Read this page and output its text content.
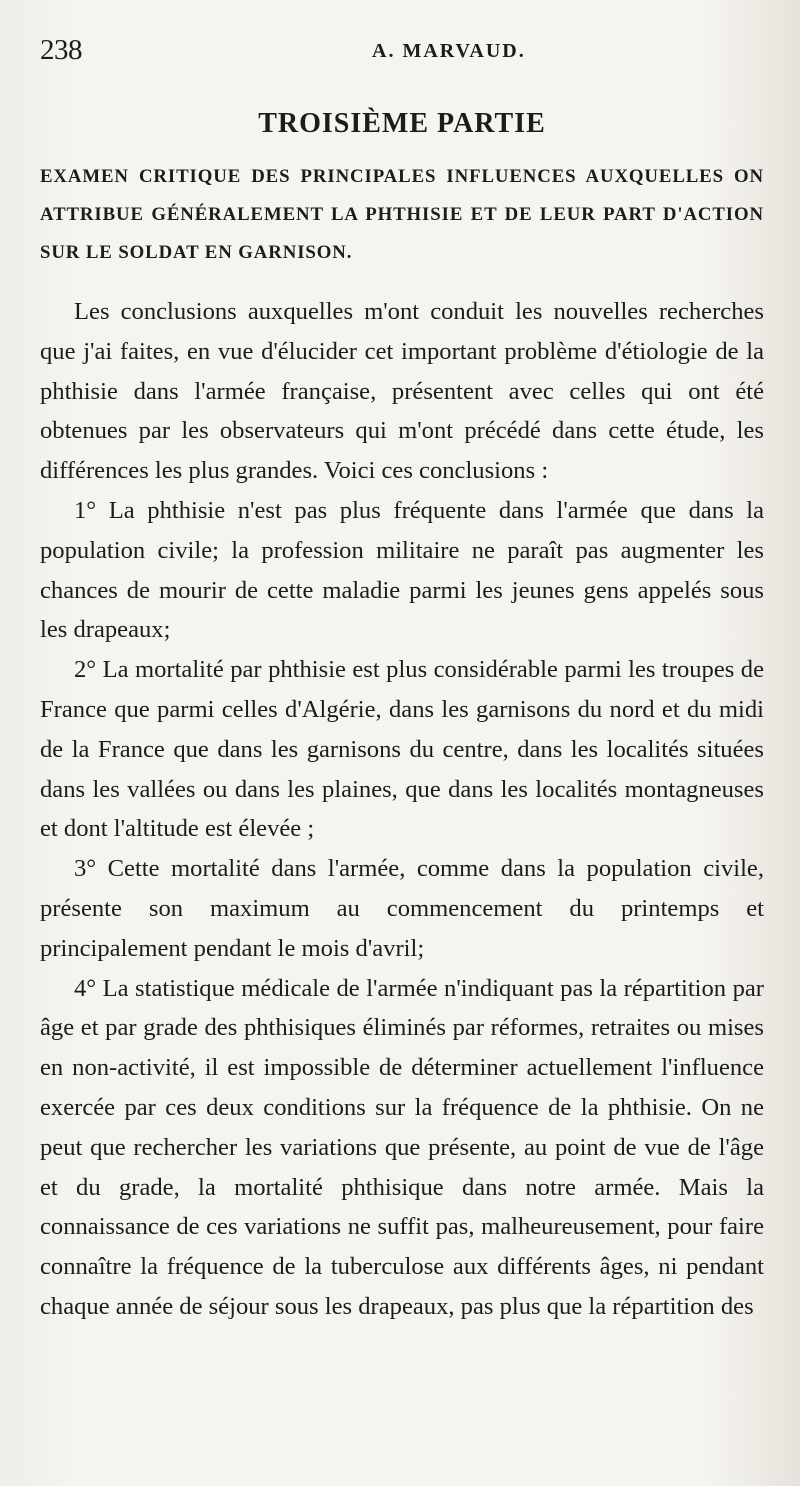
238	A. MARVAUD.
TROISIÈME PARTIE
EXAMEN CRITIQUE DES PRINCIPALES INFLUENCES AUXQUELLES ON ATTRIBUE GÉNÉRALEMENT LA PHTHISIE ET DE LEUR PART D'ACTION SUR LE SOLDAT EN GARNISON.

Les conclusions auxquelles m'ont conduit les nouvelles recherches que j'ai faites, en vue d'élucider cet important problème d'étiologie de la phthisie dans l'armée française, présentent avec celles qui ont été obtenues par les observateurs qui m'ont précédé dans cette étude, les différences les plus grandes. Voici ces conclusions :

1° La phthisie n'est pas plus fréquente dans l'armée que dans la population civile; la profession militaire ne paraît pas augmenter les chances de mourir de cette maladie parmi les jeunes gens appelés sous les drapeaux;

2° La mortalité par phthisie est plus considérable parmi les troupes de France que parmi celles d'Algérie, dans les garnisons du nord et du midi de la France que dans les garnisons du centre, dans les localités situées dans les vallées ou dans les plaines, que dans les localités montagneuses et dont l'altitude est élevée ;

3° Cette mortalité dans l'armée, comme dans la population civile, présente son maximum au commencement du printemps et principalement pendant le mois d'avril;

4° La statistique médicale de l'armée n'indiquant pas la répartition par âge et par grade des phthisiques éliminés par réformes, retraites ou mises en non-activité, il est impossible de déterminer actuellement l'influence exercée par ces deux conditions sur la fréquence de la phthisie. On ne peut que rechercher les variations que présente, au point de vue de l'âge et du grade, la mortalité phthisique dans notre armée. Mais la connaissance de ces variations ne suffit pas, malheureusement, pour faire connaître la fréquence de la tuberculose aux différents âges, ni pendant chaque année de séjour sous les drapeaux, pas plus que la répartition des
